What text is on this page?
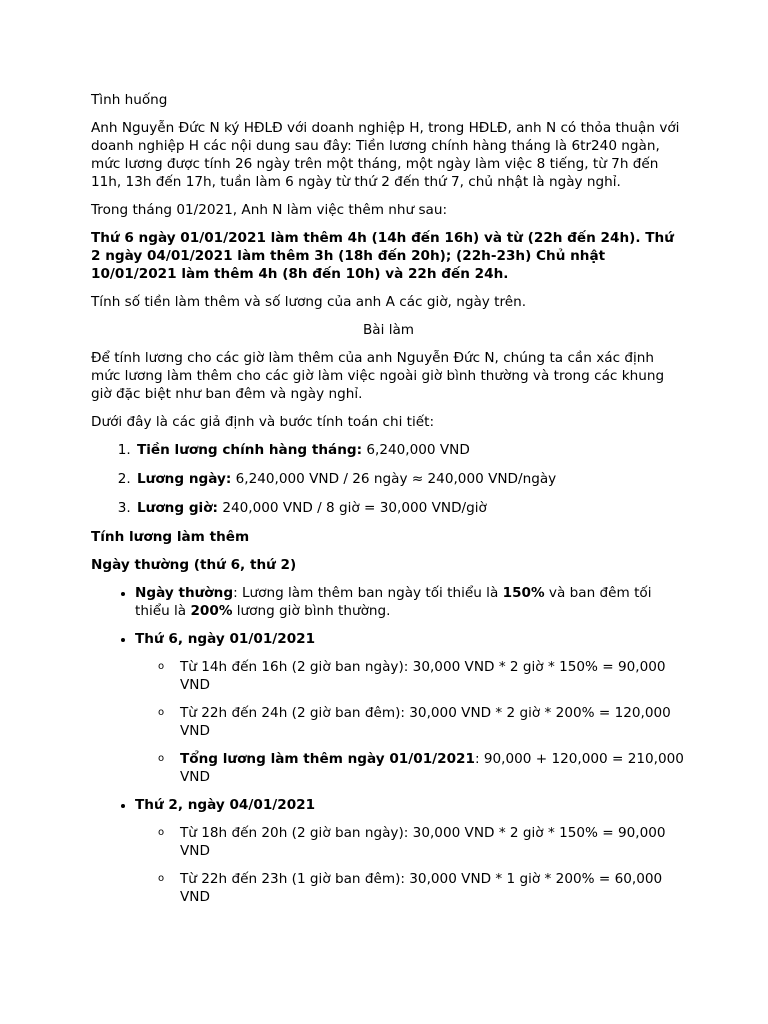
Tình huống

Anh Nguyễn Đức N ký HĐLĐ với doanh nghiệp H, trong HĐLĐ, anh N có thỏa thuận với doanh nghiệp H các nội dung sau đây: Tiền lương chính hàng tháng là 6tr240 ngàn, mức lương được tính 26 ngày trên một tháng, một ngày làm việc 8 tiếng, từ 7h đến 11h, 13h đến 17h, tuần làm 6 ngày từ thứ 2 đến thứ 7, chủ nhật là ngày nghỉ.

Trong tháng 01/2021, Anh N làm việc thêm như sau:

Thứ 6 ngày 01/01/2021 làm thêm 4h (14h đến 16h) và từ (22h đến 24h). Thứ 2 ngày 04/01/2021 làm thêm 3h (18h đến 20h); (22h-23h) Chủ nhật 10/01/2021 làm thêm 4h (8h đến 10h) và 22h đến 24h.

Tính số tiền làm thêm và số lương của anh A các giờ, ngày trên.

Bài làm

Để tính lương cho các giờ làm thêm của anh Nguyễn Đức N, chúng ta cần xác định mức lương làm thêm cho các giờ làm việc ngoài giờ bình thường và trong các khung giờ đặc biệt như ban đêm và ngày nghỉ.

Dưới đây là các giả định và bước tính toán chi tiết:

1. Tiền lương chính hàng tháng: 6,240,000 VND
2. Lương ngày: 6,240,000 VND / 26 ngày ≈ 240,000 VND/ngày
3. Lương giờ: 240,000 VND / 8 giờ = 30,000 VND/giờ

Tính lương làm thêm

Ngày thường (thứ 6, thứ 2)

• Ngày thường: Lương làm thêm ban ngày tối thiểu là 150% và ban đêm tối thiểu là 200% lương giờ bình thường.
• Thứ 6, ngày 01/01/2021
o Từ 14h đến 16h (2 giờ ban ngày): 30,000 VND * 2 giờ * 150% = 90,000 VND
o Từ 22h đến 24h (2 giờ ban đêm): 30,000 VND * 2 giờ * 200% = 120,000 VND
o Tổng lương làm thêm ngày 01/01/2021: 90,000 + 120,000 = 210,000 VND
• Thứ 2, ngày 04/01/2021
o Từ 18h đến 20h (2 giờ ban ngày): 30,000 VND * 2 giờ * 150% = 90,000 VND
o Từ 22h đến 23h (1 giờ ban đêm): 30,000 VND * 1 giờ * 200% = 60,000 VND
